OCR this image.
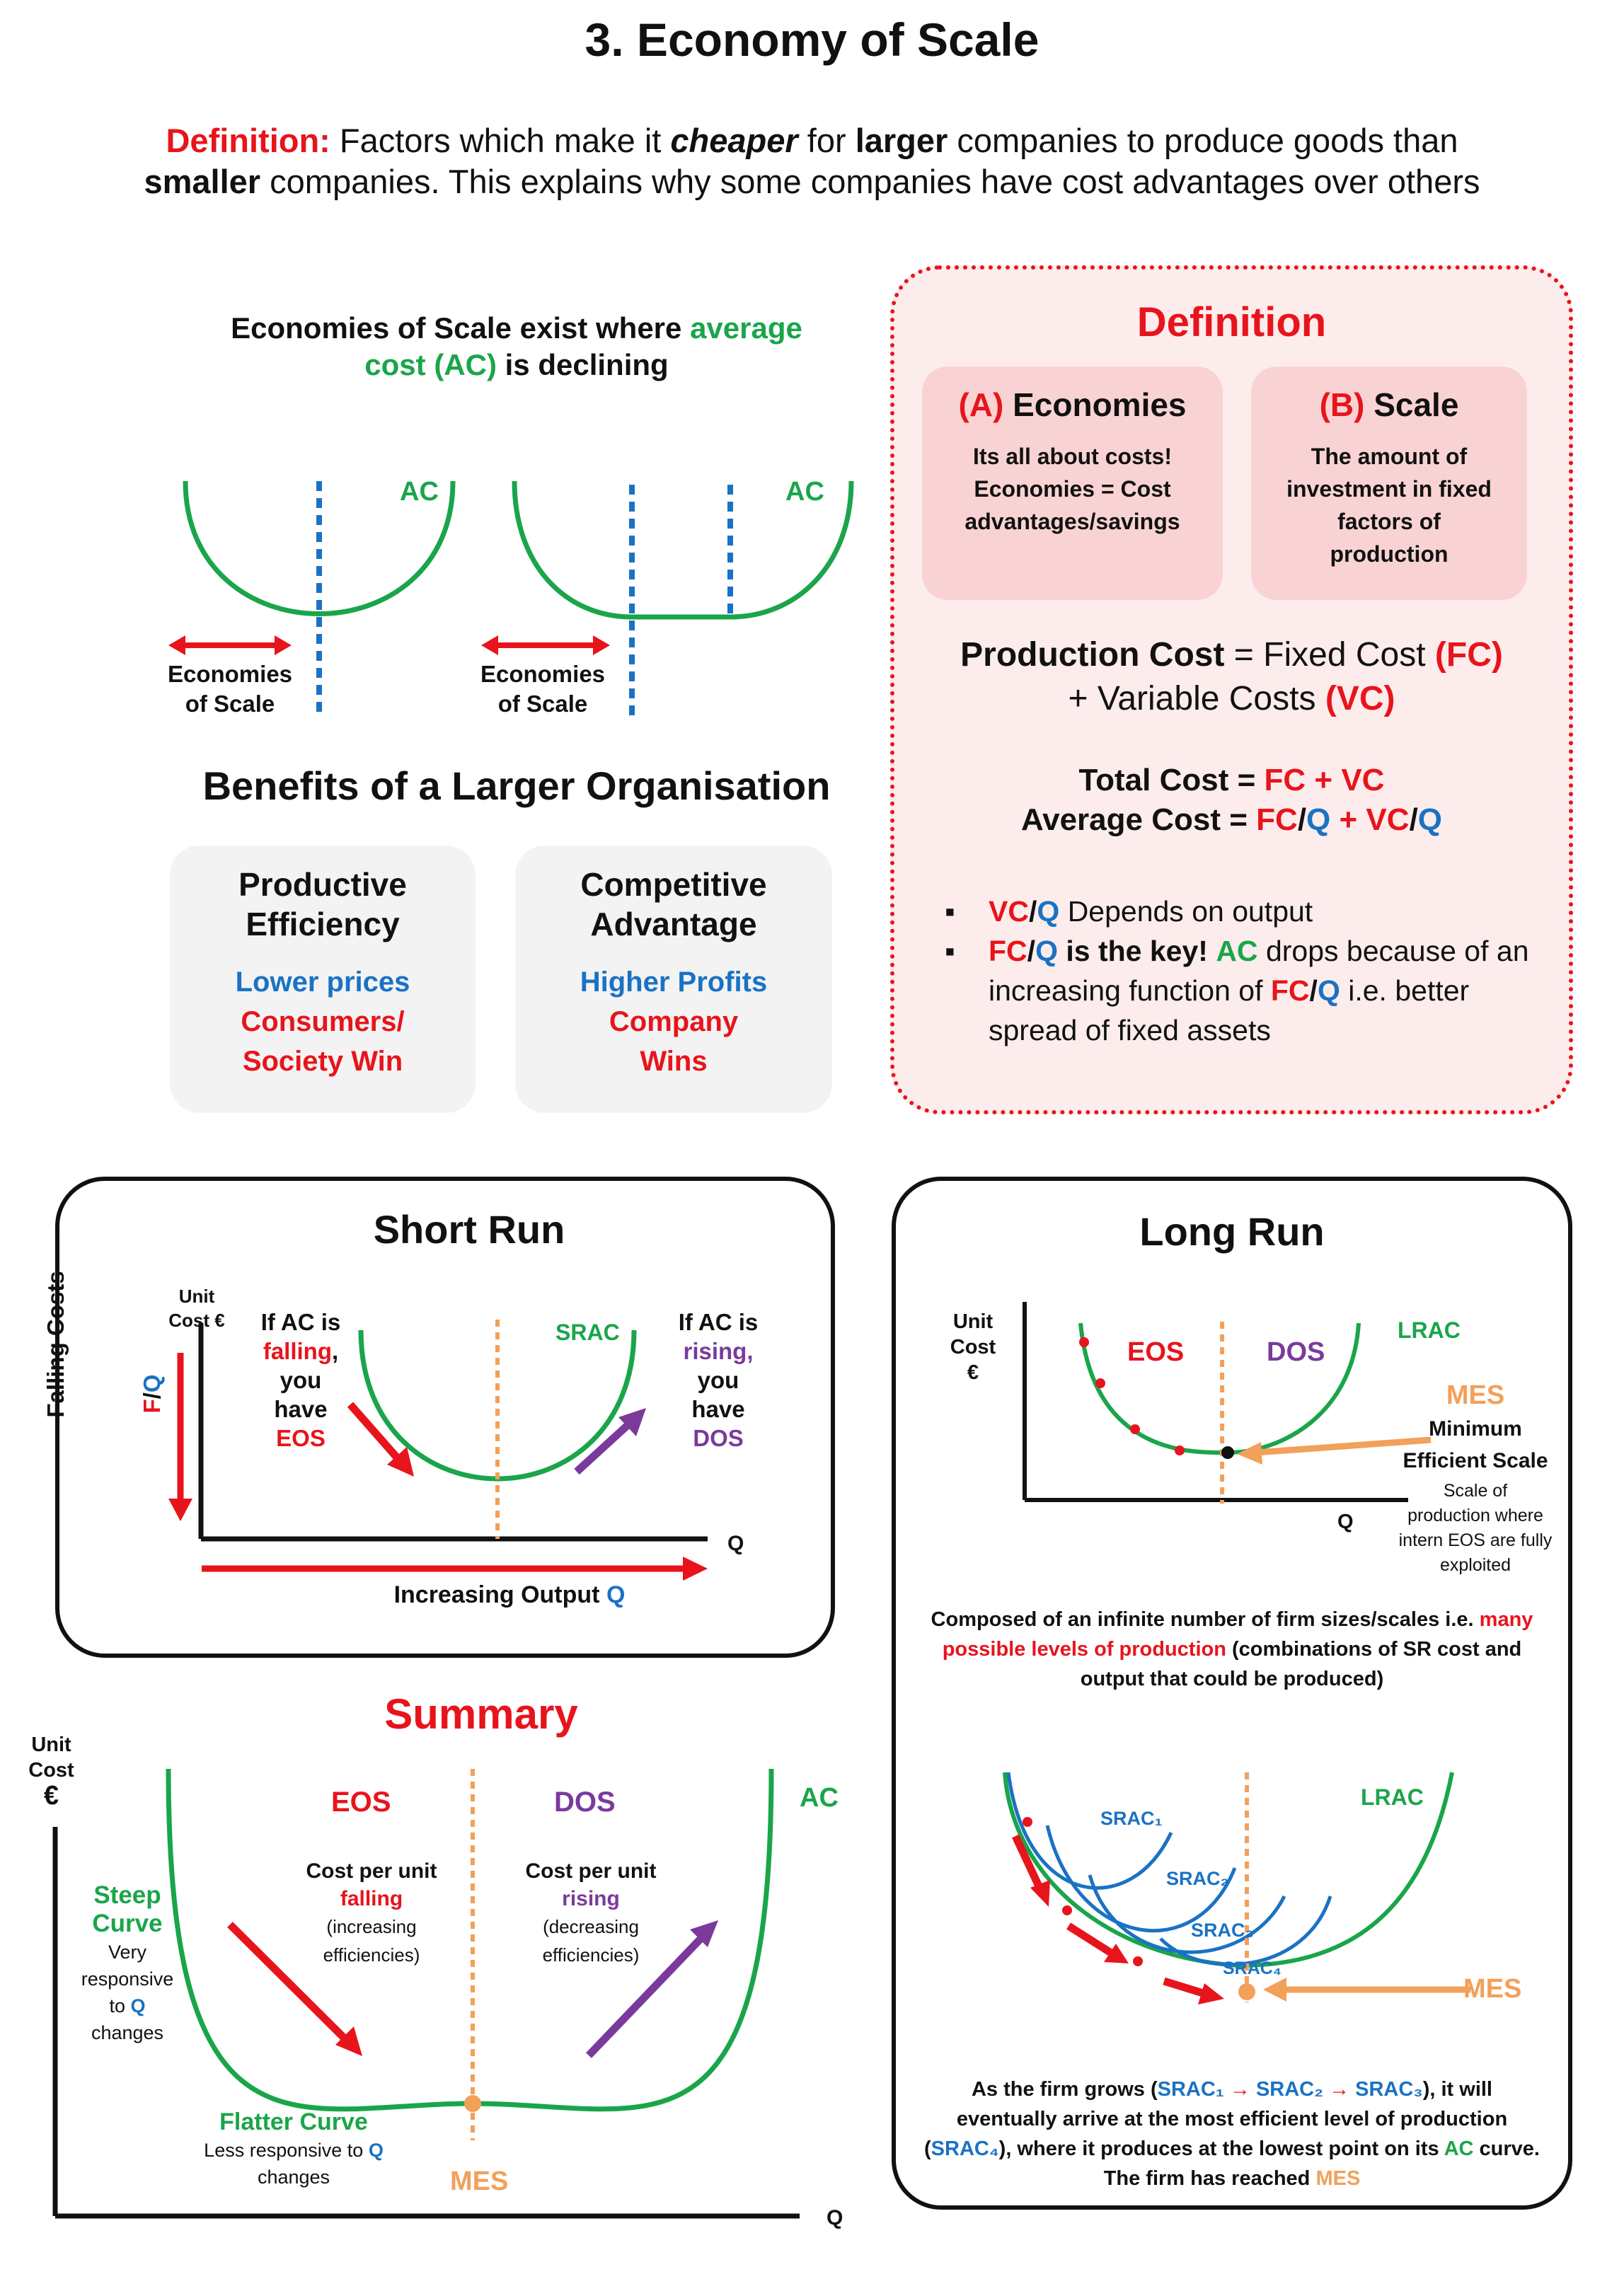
3. Economy of Scale
Definition: Factors which make it cheaper for larger companies to produce goods than
smaller companies. This explains why some companies have cost advantages over others
Economies of Scale exist where average
cost (AC) is declining
AC	AC
Economies
of Scale
Economies
of Scale
Benefits of a Larger Organisation
Productive
Efficiency
Lower prices
Consumers/
Society Win
Competitive
Advantage
Higher Profits
Company
Wins
Definition
(A) Economies
Its all about costs!
Economies = Cost
advantages/savings
(B) Scale
The amount of
investment in fixed
factors of
production
Production Cost = Fixed Cost (FC)
+ Variable Costs (VC)
Total Cost = FC + VC
Average Cost = FC/Q + VC/Q
▪ VC/Q Depends on output
▪ FC/Q is the key! AC drops because of an
increasing function of FC/Q i.e. better
spread of fixed assets
Short Run
Unit
Cost €
Falling Costs	F/Q
If AC is
falling,
you
have
EOS
If AC is
rising,
you
have
DOS
SRAC
Q
Increasing Output Q
Summary
Unit
Cost
€	EOS	DOS	AC
Cost per unit
falling
(increasing
efficiencies)
Cost per unit
rising
(decreasing
efficiencies)
Steep
Curve
Very
responsive
to Q
changes
Flatter Curve
Less responsive to Q
changes	MES
Q
Long Run
Unit
Cost
€
EOS	DOS
LRAC
Q
MES
Minimum
Efficient Scale

Scale of
production where
intern EOS are fully
exploited
Composed of an infinite number of firm sizes/scales i.e. many
possible levels of production (combinations of SR cost and
output that could be produced)
SRAC₁
SRAC₂
SRAC₃
SRAC₄
LRAC
MES
As the firm grows (SRAC₁ → SRAC₂ → SRAC₃), it will
eventually arrive at the most efficient level of production
(SRAC₄), where it produces at the lowest point on its AC curve.
The firm has reached MES
